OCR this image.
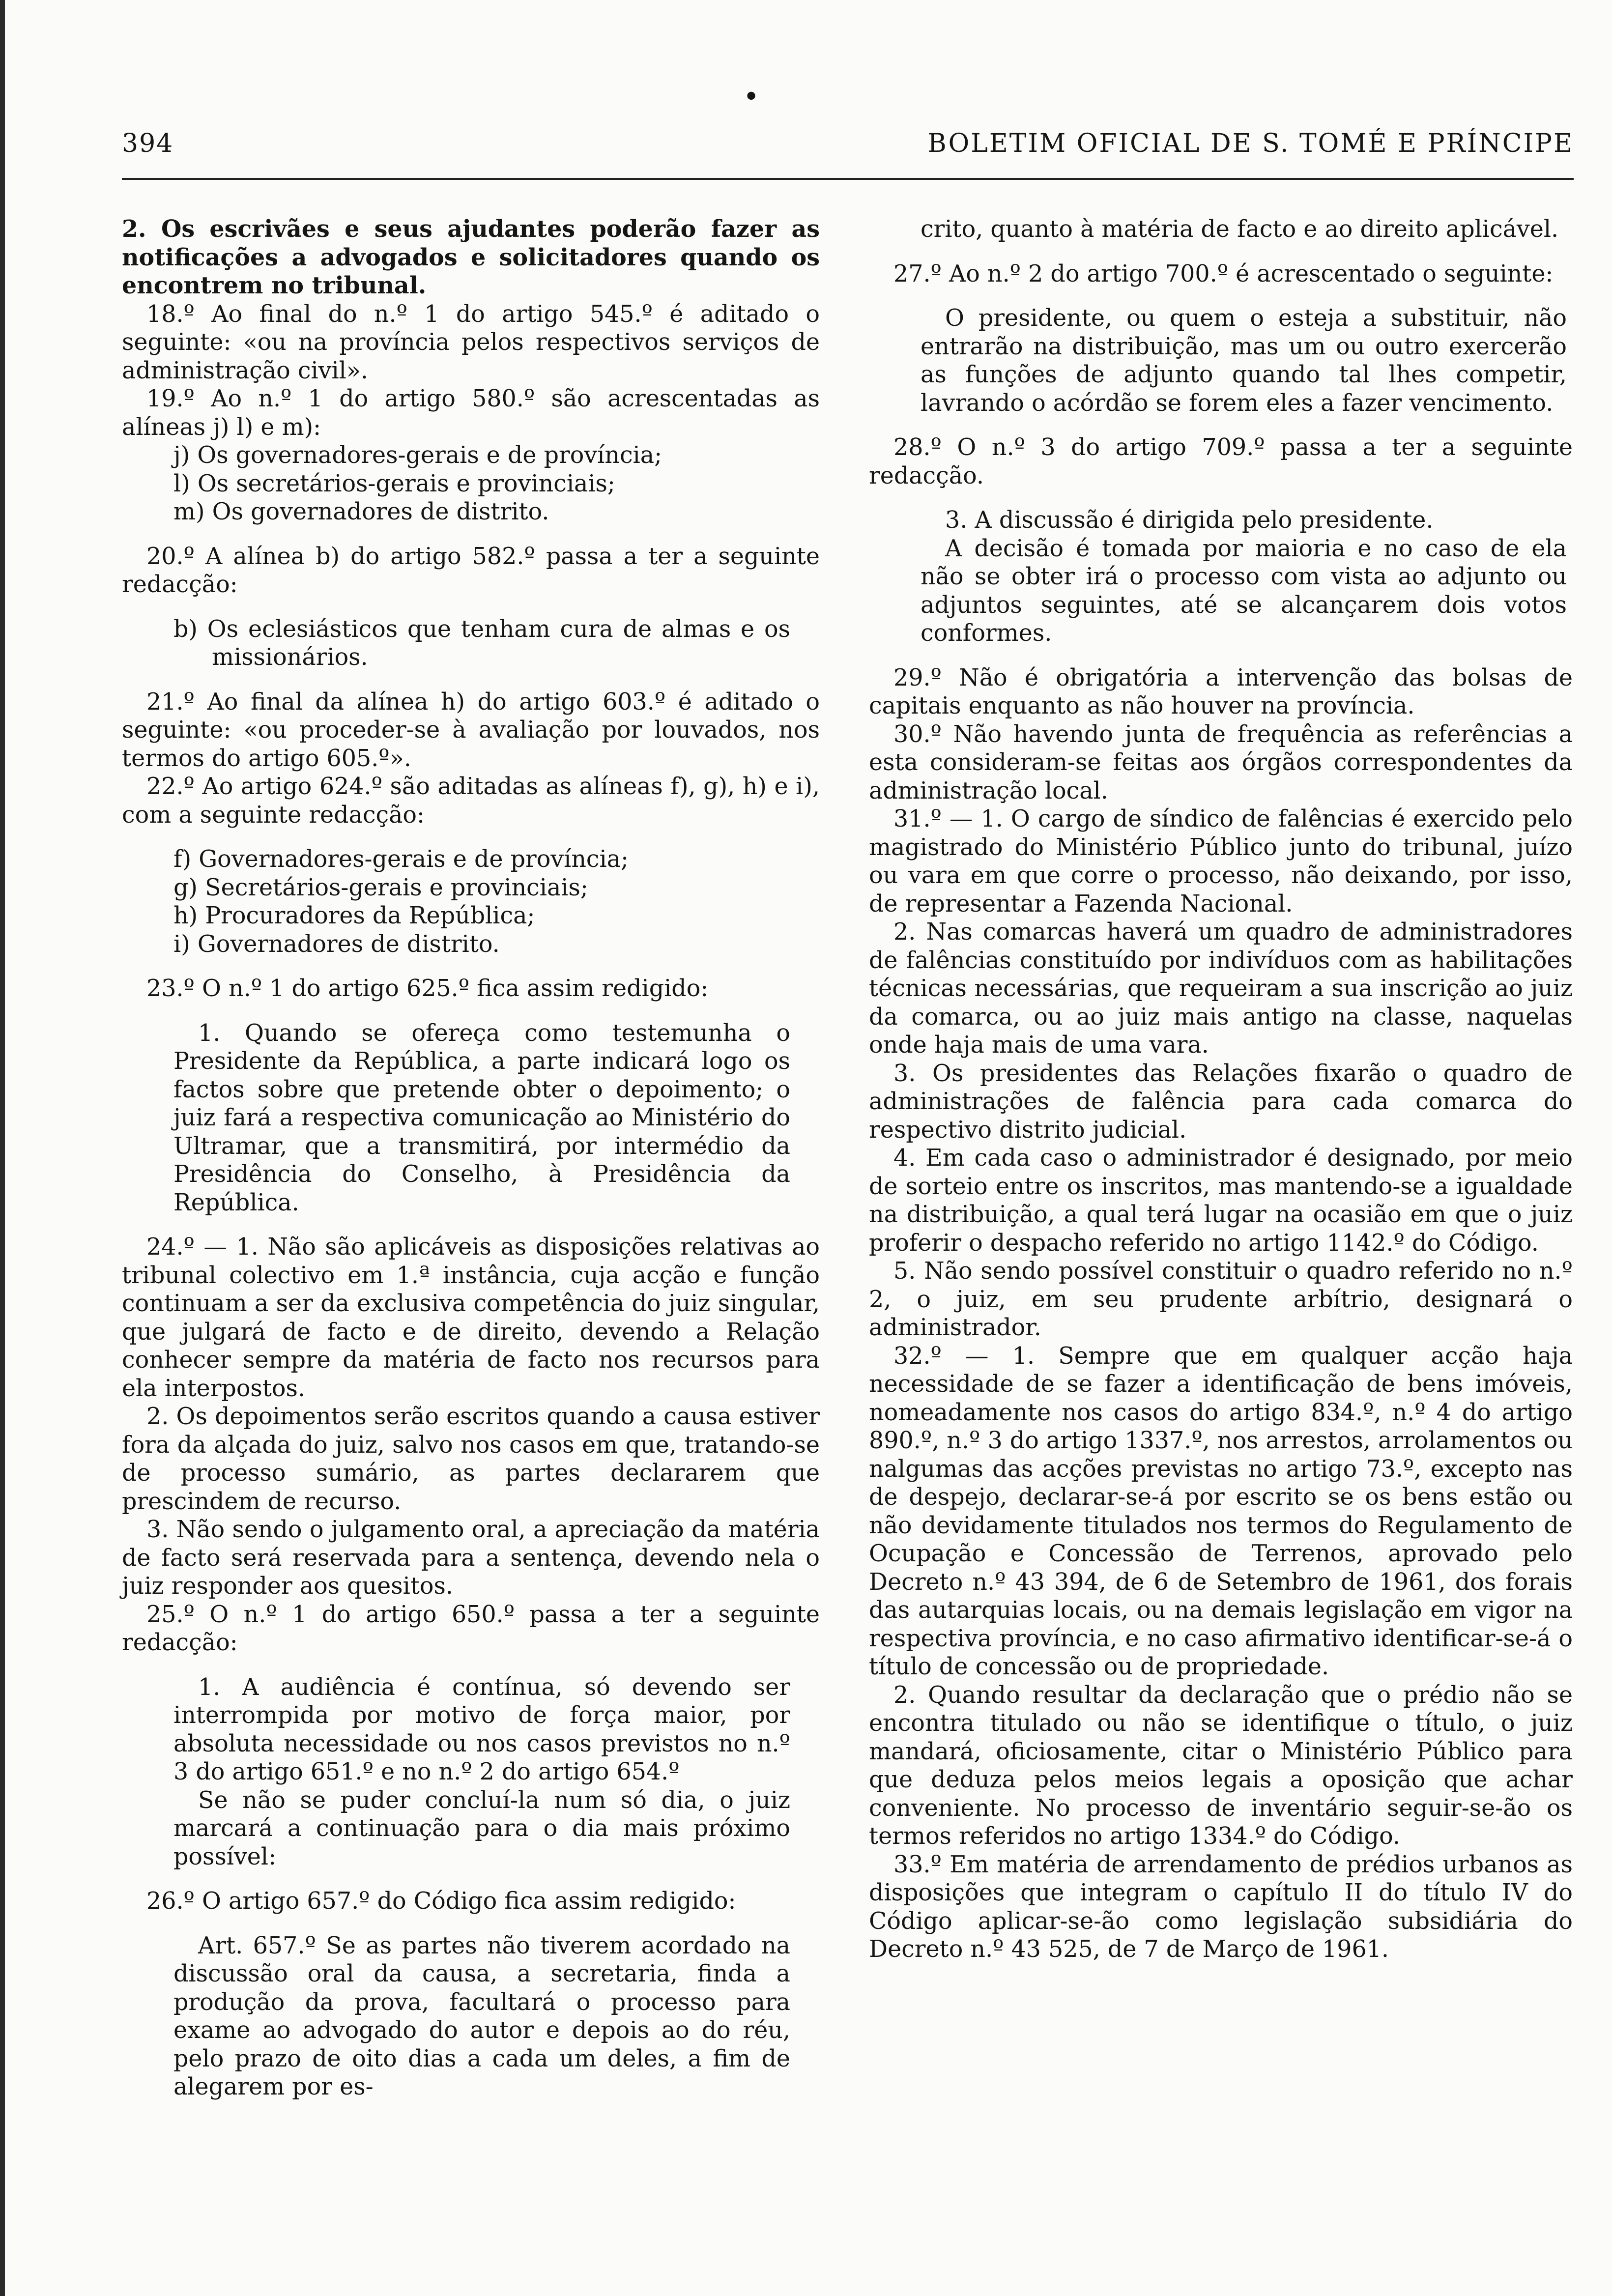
•
394	BOLETIM OFICIAL DE S. TOMÉ E PRÍNCIPE

2. Os escrivães e seus ajudantes poderão fazer as notificações a advogados e solicitadores quando os encontrem no tribunal.

18.º Ao final do n.º 1 do artigo 545.º é aditado o seguinte: «ou na província pelos respectivos serviços de administração civil».

19.º Ao n.º 1 do artigo 580.º são acrescentadas as alíneas j) l) e m):

j) Os governadores-gerais e de província;

l) Os secretários-gerais e provinciais;

m) Os governadores de distrito.

20.º A alínea b) do artigo 582.º passa a ter a seguinte redacção:

b) Os eclesiásticos que tenham cura de almas e os missionários.

21.º Ao final da alínea h) do artigo 603.º é aditado o seguinte: «ou proceder-se à avaliação por louvados, nos termos do artigo 605.º».

22.º Ao artigo 624.º são aditadas as alíneas f), g), h) e i), com a seguinte redacção:

f) Governadores-gerais e de província;

g) Secretários-gerais e provinciais;

h) Procuradores da República;

i) Governadores de distrito.

23.º O n.º 1 do artigo 625.º fica assim redigido:

1. Quando se ofereça como testemunha o Presidente da República, a parte indicará logo os factos sobre que pretende obter o depoimento; o juiz fará a respectiva comunicação ao Ministério do Ultramar, que a transmitirá, por intermédio da Presidência do Conselho, à Presidência da República.

24.º — 1. Não são aplicáveis as disposições relativas ao tribunal colectivo em 1.ª instância, cuja acção e função continuam a ser da exclusiva competência do juiz singular, que julgará de facto e de direito, devendo a Relação conhecer sempre da matéria de facto nos recursos para ela interpostos.

2. Os depoimentos serão escritos quando a causa estiver fora da alçada do juiz, salvo nos casos em que, tratando-se de processo sumário, as partes declararem que prescindem de recurso.

3. Não sendo o julgamento oral, a apreciação da matéria de facto será reservada para a sentença, devendo nela o juiz responder aos quesitos.

25.º O n.º 1 do artigo 650.º passa a ter a seguinte redacção:

1. A audiência é contínua, só devendo ser interrompida por motivo de força maior, por absoluta necessidade ou nos casos previstos no n.º 3 do artigo 651.º e no n.º 2 do artigo 654.º

Se não se puder concluí-la num só dia, o juiz marcará a continuação para o dia mais próximo possível:

26.º O artigo 657.º do Código fica assim redigido:

Art. 657.º Se as partes não tiverem acordado na discussão oral da causa, a secretaria, finda a produção da prova, facultará o processo para exame ao advogado do autor e depois ao do réu, pelo prazo de oito dias a cada um deles, a fim de alegarem por es-

crito, quanto à matéria de facto e ao direito aplicável.

27.º Ao n.º 2 do artigo 700.º é acrescentado o seguinte:

O presidente, ou quem o esteja a substituir, não entrarão na distribuição, mas um ou outro exercerão as funções de adjunto quando tal lhes competir, lavrando o acórdão se forem eles a fazer vencimento.

28.º O n.º 3 do artigo 709.º passa a ter a seguinte redacção.

3. A discussão é dirigida pelo presidente.

A decisão é tomada por maioria e no caso de ela não se obter irá o processo com vista ao adjunto ou adjuntos seguintes, até se alcançarem dois votos conformes.

29.º Não é obrigatória a intervenção das bolsas de capitais enquanto as não houver na província.

30.º Não havendo junta de frequência as referências a esta consideram-se feitas aos órgãos correspondentes da administração local.

31.º — 1. O cargo de síndico de falências é exercido pelo magistrado do Ministério Público junto do tribunal, juízo ou vara em que corre o processo, não deixando, por isso, de representar a Fazenda Nacional.

2. Nas comarcas haverá um quadro de administradores de falências constituído por indivíduos com as habilitações técnicas necessárias, que requeiram a sua inscrição ao juiz da comarca, ou ao juiz mais antigo na classe, naquelas onde haja mais de uma vara.

3. Os presidentes das Relações fixarão o quadro de administrações de falência para cada comarca do respectivo distrito judicial.

4. Em cada caso o administrador é designado, por meio de sorteio entre os inscritos, mas mantendo-se a igualdade na distribuição, a qual terá lugar na ocasião em que o juiz proferir o despacho referido no artigo 1142.º do Código.

5. Não sendo possível constituir o quadro referido no n.º 2, o juiz, em seu prudente arbítrio, designará o administrador.

32.º — 1. Sempre que em qualquer acção haja necessidade de se fazer a identificação de bens imóveis, nomeadamente nos casos do artigo 834.º, n.º 4 do artigo 890.º, n.º 3 do artigo 1337.º, nos arrestos, arrolamentos ou nalgumas das acções previstas no artigo 73.º, excepto nas de despejo, declarar-se-á por escrito se os bens estão ou não devidamente titulados nos termos do Regulamento de Ocupação e Concessão de Terrenos, aprovado pelo Decreto n.º 43 394, de 6 de Setembro de 1961, dos forais das autarquias locais, ou na demais legislação em vigor na respectiva província, e no caso afirmativo identificar-se-á o título de concessão ou de propriedade.

2. Quando resultar da declaração que o prédio não se encontra titulado ou não se identifique o título, o juiz mandará, oficiosamente, citar o Ministério Público para que deduza pelos meios legais a oposição que achar conveniente. No processo de inventário seguir-se-ão os termos referidos no artigo 1334.º do Código.

33.º Em matéria de arrendamento de prédios urbanos as disposições que integram o capítulo II do título IV do Código aplicar-se-ão como legislação subsidiária do Decreto n.º 43 525, de 7 de Março de 1961.
